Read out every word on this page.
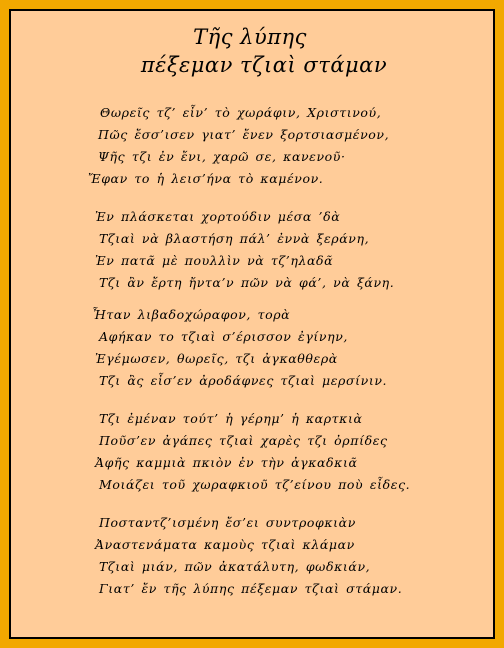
Τῆς λύπης
πέξεμαν τζιαὶ στάμαν
Θωρεῖς τζ’ εἶν’ τὸ χωράφιν, Χριστινού,
Πῶς ἔσσ’ισεν γιατ’ ἔνεν ξορτσιασμένον,
Ψῆς τζι ἐν ἔνι, χαρῶ σε, κανενοῦ·
Ἔφαν το ἡ λεισ’ήνα τὸ καμένον.
Ἐν πλάσκεται χορτούδιν μέσα ’δὰ
Τζιαὶ νὰ βλαστήση πάλ’ ἐννὰ ξεράνη,
Ἐν πατᾶ μὲ πουλλὶν νὰ τζ’ηλαδᾶ
Τζι ἂν ἔρτη ἤντα’ν πῶν νὰ φά’, νὰ ξάνη.
Ἦταν λιβαδοχώραφον, τορὰ
Αφήκαν το τζιαὶ σ’έρισσον ἐγίνην,
Ἐγέμωσεν, θωρεῖς, τζι ἀγκαθθερὰ
Τζι ἂς εἶσ’εν ἀροδάφνες τζιαὶ μερσίνιν.
Τζι ἐμέναν τούτ’ ἡ γέρημ’ ἡ καρτκιὰ
Ποῦσ’εν ἀγάπες τζιαὶ χαρὲς τζι ὀρπίδες
Ἀφῆς καμμιὰ πκιὸν ἐν τὴν ἀγκαδκιᾶ
Μοιάζει τοῦ χωραφκιοῦ τζ’είνου ποὺ εἶδες.
Ποσταντζ’ισμένη ἔσ’ει συντροφκιὰν
Ἀναστενάματα καμοὺς τζιαὶ κλάμαν
Τζιαὶ μιάν, πῶν ἀκατάλυτη, φωδκιάν,
Γιατ’ ἔν τῆς λύπης πέξεμαν τζιαὶ στάμαν.
